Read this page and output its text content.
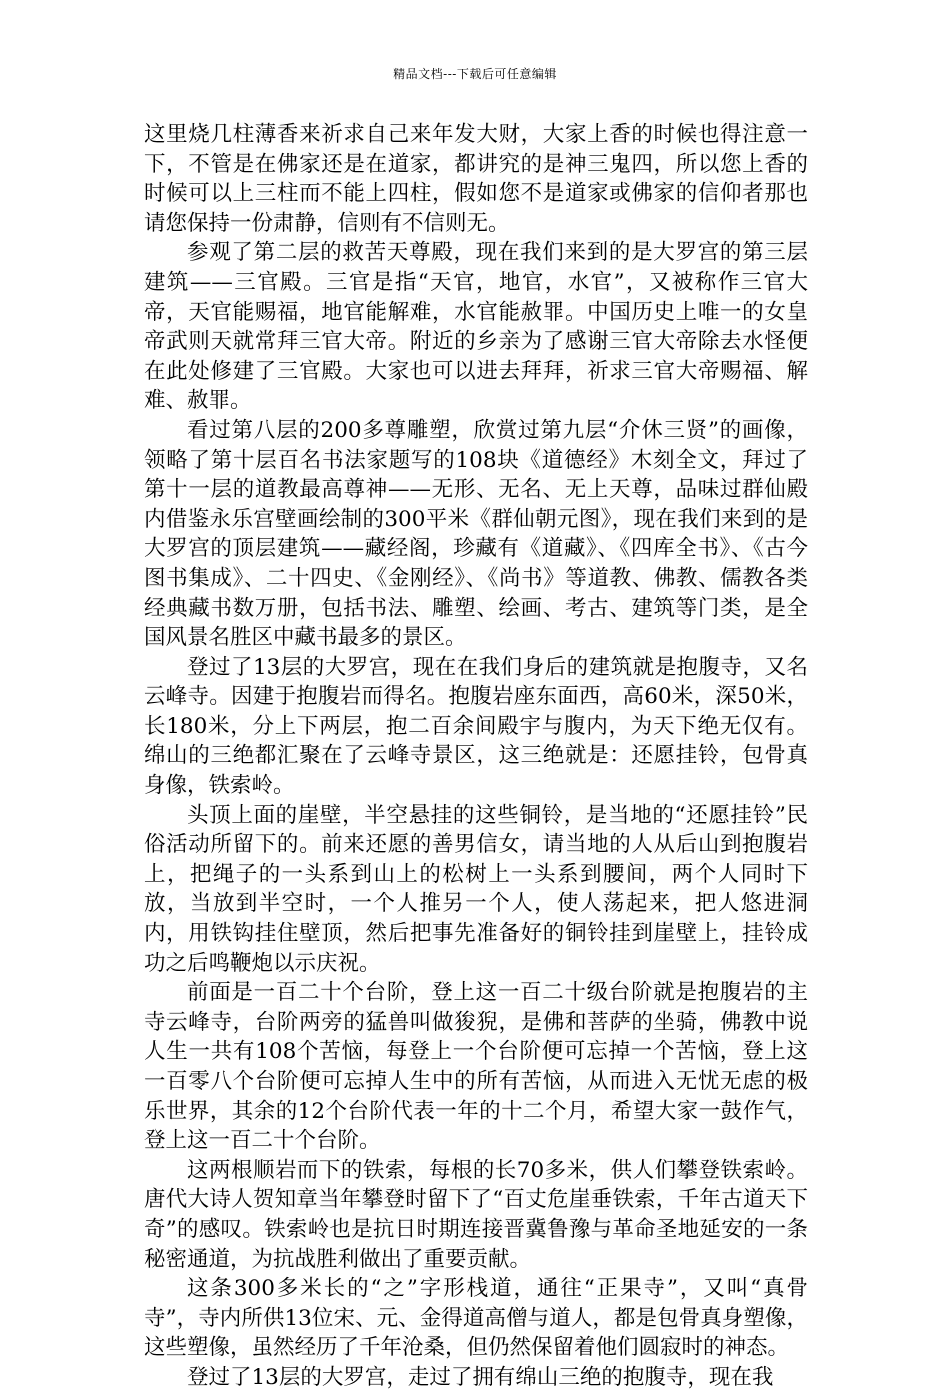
精品文档---下载后可任意编辑

这里烧几柱薄香来祈求自己来年发大财，大家上香的时候也得注意一下，不管是在佛家还是在道家，都讲究的是神三鬼四，所以您上香的时候可以上三柱而不能上四柱，假如您不是道家或佛家的信仰者那也请您保持一份肃静，信则有不信则无。

参观了第二层的救苦天尊殿，现在我们来到的是大罗宫的第三层建筑——三官殿。三官是指“天官，地官，水官”，又被称作三官大帝，天官能赐福，地官能解难，水官能赦罪。中国历史上唯一的女皇帝武则天就常拜三官大帝。附近的乡亲为了感谢三官大帝除去水怪便在此处修建了三官殿。大家也可以进去拜拜，祈求三官大帝赐福、解难、赦罪。

看过第八层的200多尊雕塑，欣赏过第九层“介休三贤”的画像，领略了第十层百名书法家题写的108块《道德经》木刻全文，拜过了第十一层的道教最高尊神——无形、无名、无上天尊，品味过群仙殿内借鉴永乐宫壁画绘制的300平米《群仙朝元图》，现在我们来到的是大罗宫的顶层建筑——藏经阁，珍藏有《道藏》、《四库全书》、《古今图书集成》、二十四史、《金刚经》、《尚书》等道教、佛教、儒教各类经典藏书数万册，包括书法、雕塑、绘画、考古、建筑等门类，是全国风景名胜区中藏书最多的景区。

登过了13层的大罗宫，现在在我们身后的建筑就是抱腹寺，又名云峰寺。因建于抱腹岩而得名。抱腹岩座东面西，高60米，深50米，长180米，分上下两层，抱二百余间殿宇与腹内，为天下绝无仅有。绵山的三绝都汇聚在了云峰寺景区，这三绝就是：还愿挂铃，包骨真身像，铁索岭。

头顶上面的崖壁，半空悬挂的这些铜铃，是当地的“还愿挂铃”民俗活动所留下的。前来还愿的善男信女，请当地的人从后山到抱腹岩上，把绳子的一头系到山上的松树上一头系到腰间，两个人同时下放，当放到半空时，一个人推另一个人，使人荡起来，把人悠进洞内，用铁钩挂住壁顶，然后把事先准备好的铜铃挂到崖壁上，挂铃成功之后鸣鞭炮以示庆祝。

前面是一百二十个台阶，登上这一百二十级台阶就是抱腹岩的主寺云峰寺，台阶两旁的猛兽叫做狻猊，是佛和菩萨的坐骑，佛教中说人生一共有108个苦恼，每登上一个台阶便可忘掉一个苦恼，登上这一百零八个台阶便可忘掉人生中的所有苦恼，从而进入无忧无虑的极乐世界，其余的12个台阶代表一年的十二个月，希望大家一鼓作气，登上这一百二十个台阶。

这两根顺岩而下的铁索，每根的长70多米，供人们攀登铁索岭。唐代大诗人贺知章当年攀登时留下了“百丈危崖垂铁索，千年古道天下奇”的感叹。铁索岭也是抗日时期连接晋冀鲁豫与革命圣地延安的一条秘密通道，为抗战胜利做出了重要贡献。

这条300多米长的“之”字形栈道，通往“正果寺”，又叫“真骨寺”，寺内所供13位宋、元、金得道高僧与道人，都是包骨真身塑像，这些塑像，虽然经历了千年沧桑，但仍然保留着他们圆寂时的神态。

登过了13层的大罗宫，走过了拥有绵山三绝的抱腹寺，现在我
